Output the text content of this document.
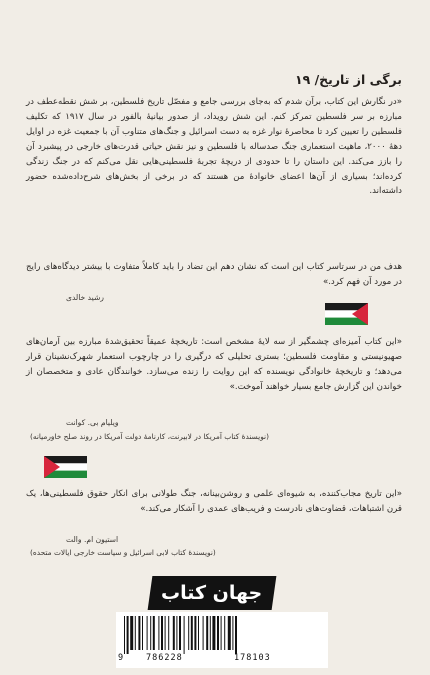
برگی از تاریخ/ ۱۹
«در نگارش این کتاب، برآن شدم که به‌جای بررسی جامع و مفصّل تاریخ فلسطین، بر شش نقطه‌عطف در مبارزه بر سر فلسطین تمرکز کنم. این شش رویداد، از صدور بیانیهٔ بالفور در سال ۱۹۱۷ که تکلیف فلسطین را تعیین کرد تا محاصرهٔ نوار غزه به دست اسرائیل و جنگ‌های متناوب آن با جمعیت غزه در اوایل دههٔ ۲۰۰۰، ماهیت استعماری جنگ صدساله با فلسطین و نیز نقش حیاتی قدرت‌های خارجی در پیشبرد آن را بازز می‌کند. این داستان را تا حدودی از دریچهٔ تجربهٔ فلسطینی‌هایی نقل می‌کنم که در جنگ زندگی کرده‌اند؛ بسیاری از آن‌ها اعضای خانوادهٔ من هستند که در برخی از بخش‌های شرح‌داده‌شده حضور داشته‌اند.
هدف من در سرتاسر کتاب این است که نشان دهم این تضاد را باید کاملاً متفاوت با بیشتر دیدگاه‌های رایج در مورد آن فهم کرد.»
رشید خالدی
«این کتاب آمیزه‌ای چشمگیر از سه لایهٔ مشخص است: تاریخچهٔ عمیقاً تحقیق‌شدهٔ مبارزه بین آرمان‌های صهیونیستی و مقاومت فلسطین؛ بستری تحلیلی که درگیری را در چارچوب استعمار شهرک‌نشینان قرار می‌دهد؛ و تاریخچهٔ خانوادگی نویسنده که این روایت را زنده می‌سازد. خوانندگان عادی و متخصصان از خواندن این گزارش جامع بسیار خواهند آموخت.»
ویلیام بی. کوانت
(نویسندهٔ کتاب آمریکا در لابیرنت، کارنامهٔ دولت آمریکا در روند صلح خاورمیانه)
«این تاریخ مجاب‌کننده، به شیوه‌ای علمی و روشن‌بینانه، جنگ طولانی برای انکار حقوق فلسطینی‌ها، یک قرن اشتباهات، قضاوت‌های نادرست و فریب‌های عمدی را آشکار می‌کند.»
استیون ام. والت
(نویسندهٔ کتاب لابی اسرائیل و سیاست خارجی ایالات متحده)
جهان کتاب
9	786228	178103
